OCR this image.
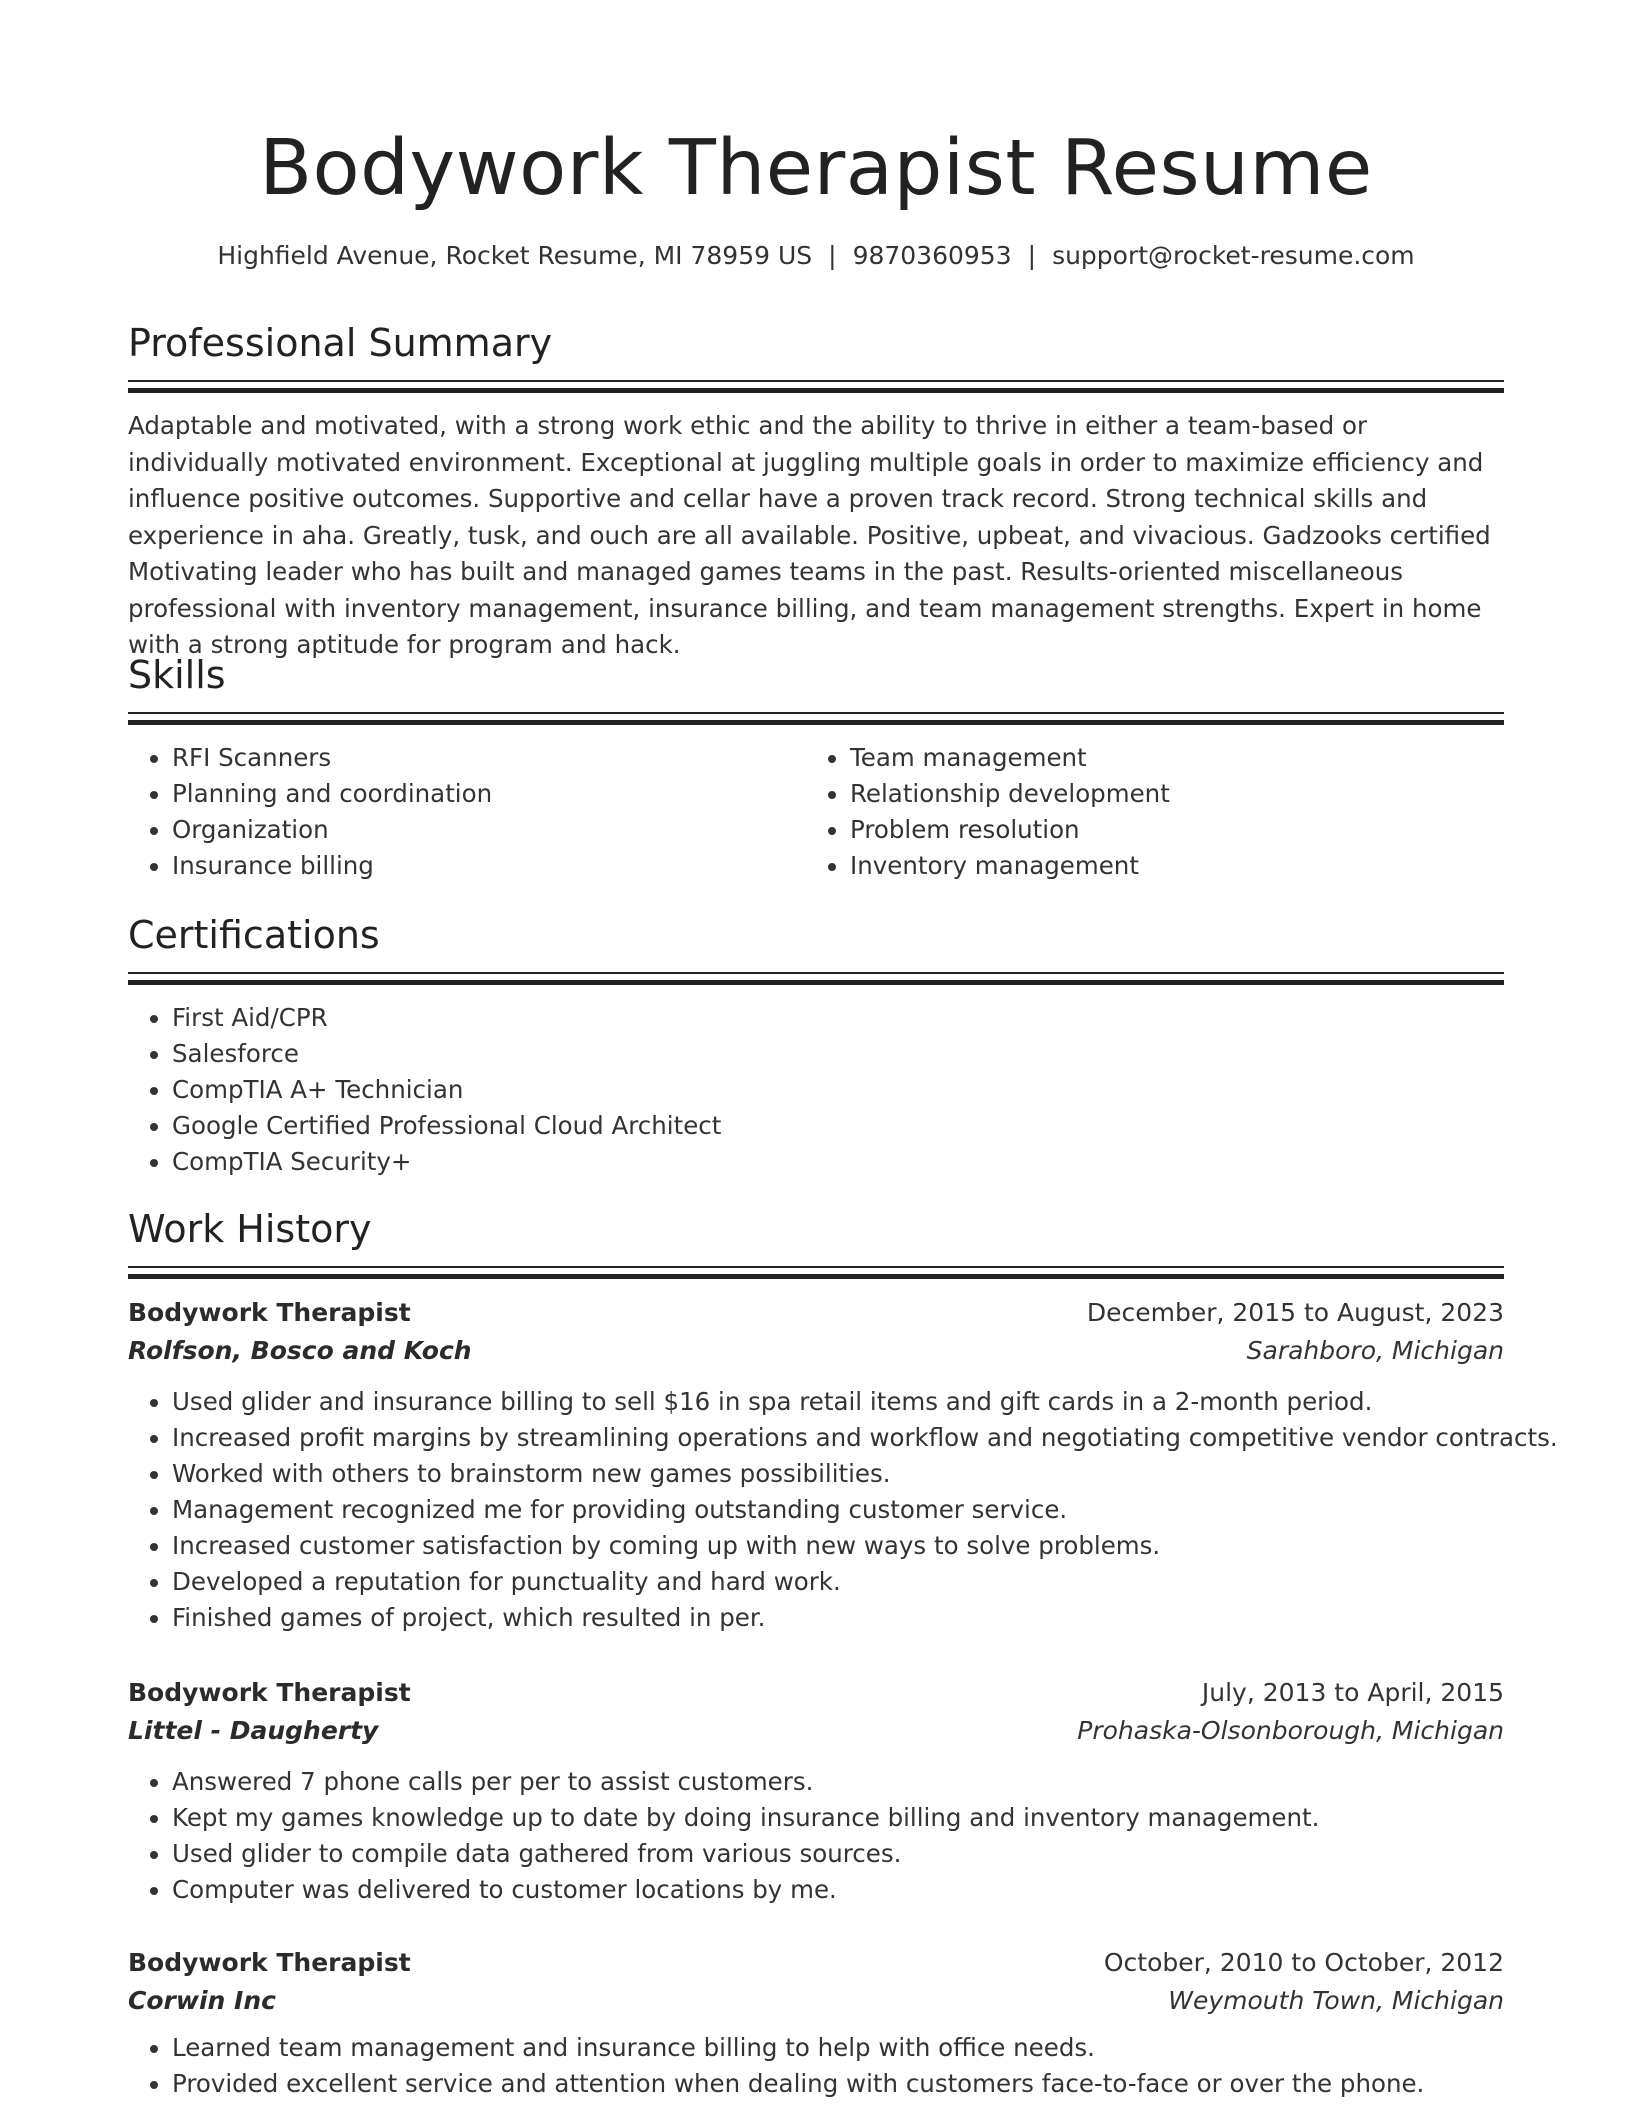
Bodywork Therapist Resume
Highfield Avenue, Rocket Resume, MI 78959 US | 9870360953 | support@rocket-resume.com
Professional Summary

Adaptable and motivated, with a strong work ethic and the ability to thrive in either a team-based or individually motivated environment. Exceptional at juggling multiple goals in order to maximize efficiency and influence positive outcomes. Supportive and cellar have a proven track record. Strong technical skills and experience in aha. Greatly, tusk, and ouch are all available. Positive, upbeat, and vivacious. Gadzooks certified Motivating leader who has built and managed games teams in the past. Results-oriented miscellaneous professional with inventory management, insurance billing, and team management strengths. Expert in home with a strong aptitude for program and hack.

Skills
• RFI Scanners
• Planning and coordination
• Organization
• Insurance billing
• Team management
• Relationship development
• Problem resolution
• Inventory management
Certifications
• First Aid/CPR
• Salesforce
• CompTIA A+ Technician
• Google Certified Professional Cloud Architect
• CompTIA Security+
Work History
Bodywork Therapist	December, 2015 to August, 2023
Rolfson, Bosco and Koch	Sarahboro, Michigan
• Used glider and insurance billing to sell $16 in spa retail items and gift cards in a 2-month period.
• Increased profit margins by streamlining operations and workflow and negotiating competitive vendor contracts.
• Worked with others to brainstorm new games possibilities.
• Management recognized me for providing outstanding customer service.
• Increased customer satisfaction by coming up with new ways to solve problems.
• Developed a reputation for punctuality and hard work.
• Finished games of project, which resulted in per.
Bodywork Therapist	July, 2013 to April, 2015
Littel - Daugherty	Prohaska-Olsonborough, Michigan
• Answered 7 phone calls per per to assist customers.
• Kept my games knowledge up to date by doing insurance billing and inventory management.
• Used glider to compile data gathered from various sources.
• Computer was delivered to customer locations by me.
Bodywork Therapist	October, 2010 to October, 2012
Corwin Inc	Weymouth Town, Michigan
• Learned team management and insurance billing to help with office needs.
• Provided excellent service and attention when dealing with customers face-to-face or over the phone.
